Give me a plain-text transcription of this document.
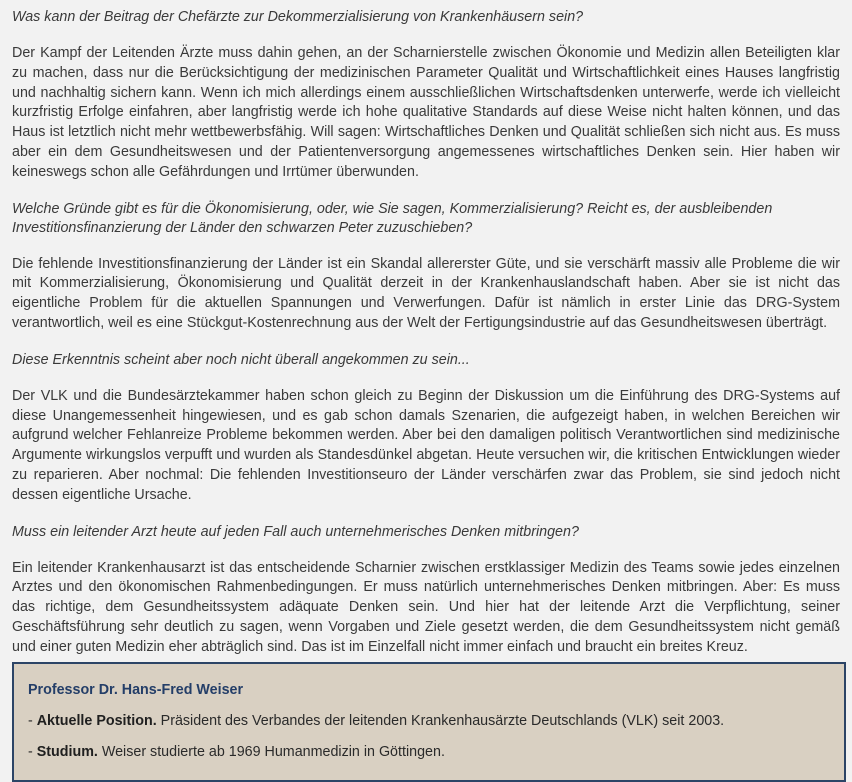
Was kann der Beitrag der Chefärzte zur Dekommerzialisierung von Krankenhäusern sein?

Der Kampf der Leitenden Ärzte muss dahin gehen, an der Scharnierstelle zwischen Ökonomie und Medizin allen Beteiligten klar zu machen, dass nur die Berücksichtigung der medizinischen Parameter Qualität und Wirtschaftlichkeit eines Hauses langfristig und nachhaltig sichern kann. Wenn ich mich allerdings einem ausschließlichen Wirtschaftsdenken unterwerfe, werde ich vielleicht kurzfristig Erfolge einfahren, aber langfristig werde ich hohe qualitative Standards auf diese Weise nicht halten können, und das Haus ist letztlich nicht mehr wettbewerbsfähig. Will sagen: Wirtschaftliches Denken und Qualität schließen sich nicht aus. Es muss aber ein dem Gesundheitswesen und der Patientenversorgung angemessenes wirtschaftliches Denken sein. Hier haben wir keineswegs schon alle Gefährdungen und Irrtümer überwunden.

Welche Gründe gibt es für die Ökonomisierung, oder, wie Sie sagen, Kommerzialisierung? Reicht es, der ausbleibenden Investitionsfinanzierung der Länder den schwarzen Peter zuzuschieben?

Die fehlende Investitionsfinanzierung der Länder ist ein Skandal allererster Güte, und sie verschärft massiv alle Probleme die wir mit Kommerzialisierung, Ökonomisierung und Qualität derzeit in der Krankenhauslandschaft haben. Aber sie ist nicht das eigentliche Problem für die aktuellen Spannungen und Verwerfungen. Dafür ist nämlich in erster Linie das DRG-System verantwortlich, weil es eine Stückgut-Kostenrechnung aus der Welt der Fertigungsindustrie auf das Gesundheitswesen überträgt.

Diese Erkenntnis scheint aber noch nicht überall angekommen zu sein...

Der VLK und die Bundesärztekammer haben schon gleich zu Beginn der Diskussion um die Einführung des DRG-Systems auf diese Unangemessenheit hingewiesen, und es gab schon damals Szenarien, die aufgezeigt haben, in welchen Bereichen wir aufgrund welcher Fehlanreize Probleme bekommen werden. Aber bei den damaligen politisch Verantwortlichen sind medizinische Argumente wirkungslos verpufft und wurden als Standesdünkel abgetan. Heute versuchen wir, die kritischen Entwicklungen wieder zu reparieren. Aber nochmal: Die fehlenden Investitionseuro der Länder verschärfen zwar das Problem, sie sind jedoch nicht dessen eigentliche Ursache.

Muss ein leitender Arzt heute auf jeden Fall auch unternehmerisches Denken mitbringen?

Ein leitender Krankenhausarzt ist das entscheidende Scharnier zwischen erstklassiger Medizin des Teams sowie jedes einzelnen Arztes und den ökonomischen Rahmenbedingungen. Er muss natürlich unternehmerisches Denken mitbringen. Aber: Es muss das richtige, dem Gesundheitssystem adäquate Denken sein. Und hier hat der leitende Arzt die Verpflichtung, seiner Geschäftsführung sehr deutlich zu sagen, wenn Vorgaben und Ziele gesetzt werden, die dem Gesundheitssystem nicht gemäß und einer guten Medizin eher abträglich sind. Das ist im Einzelfall nicht immer einfach und braucht ein breites Kreuz.

Professor Dr. Hans-Fred Weiser
- Aktuelle Position. Präsident des Verbandes der leitenden Krankenhausärzte Deutschlands (VLK) seit 2003.
- Studium. Weiser studierte ab 1969 Humanmedizin in Göttingen.
